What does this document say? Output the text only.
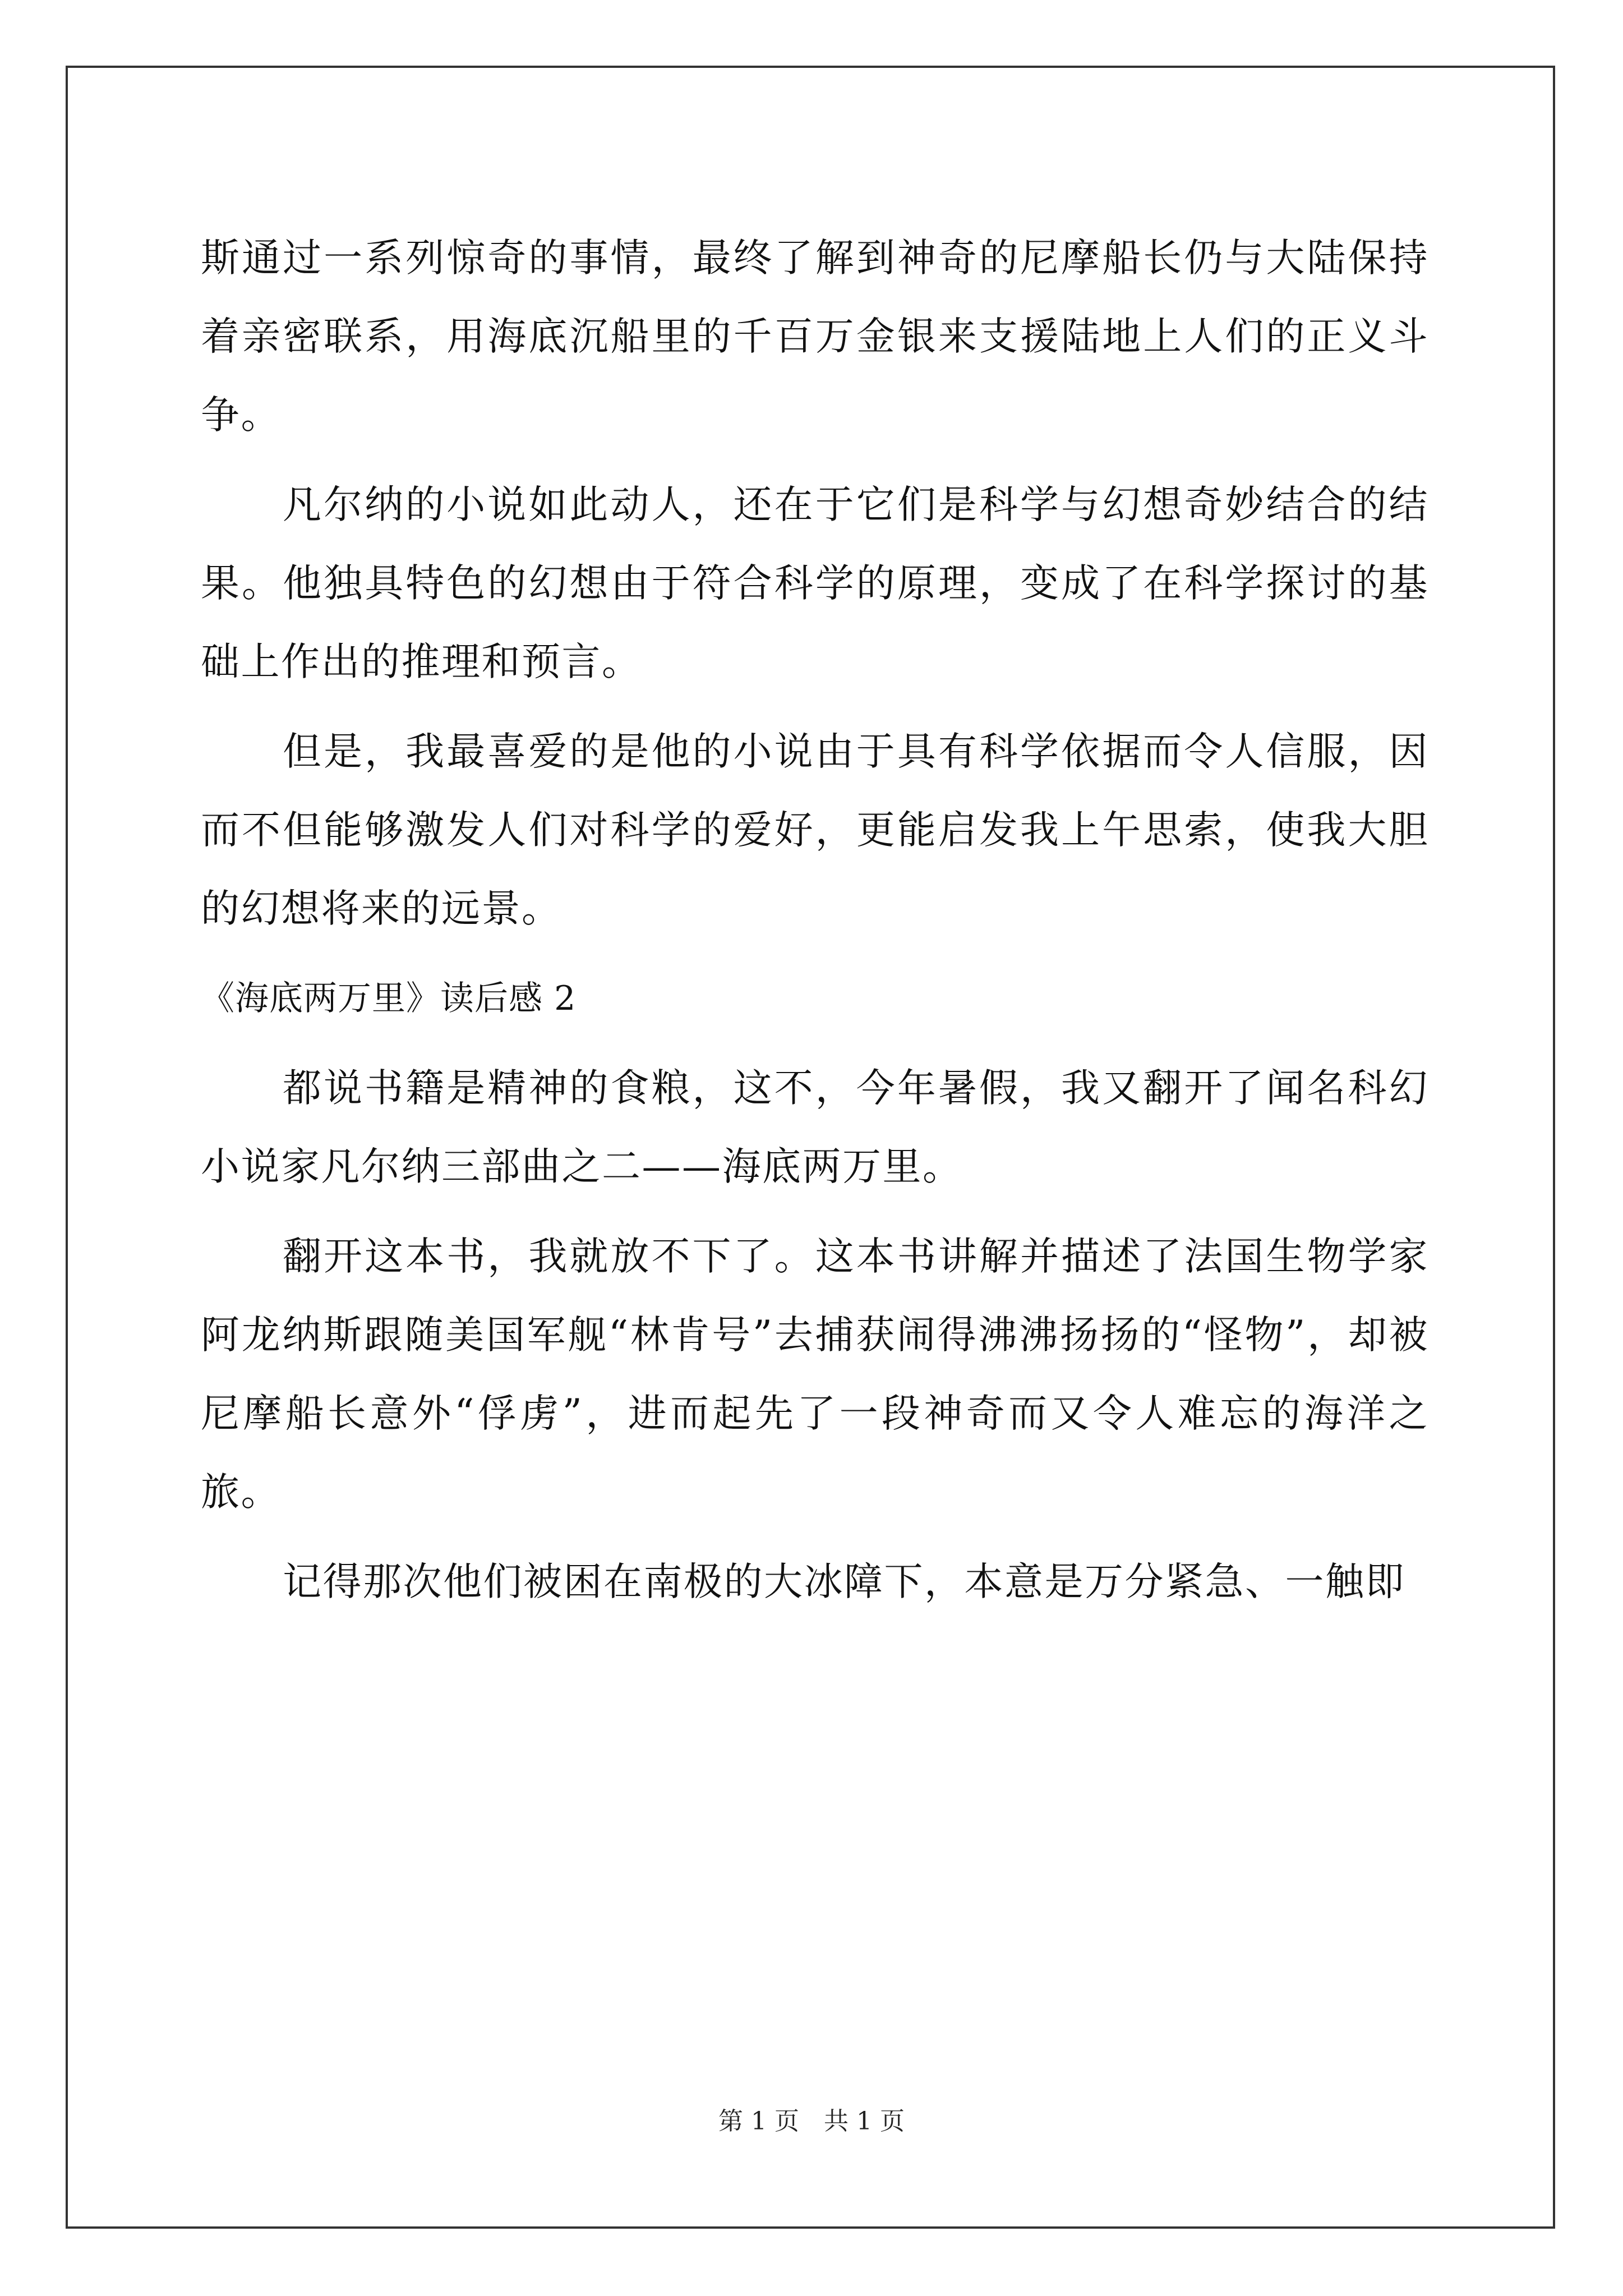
斯通过一系列惊奇的事情，最终了解到神奇的尼摩船长仍与大陆保持着亲密联系，用海底沉船里的千百万金银来支援陆地上人们的正义斗争。

凡尔纳的小说如此动人，还在于它们是科学与幻想奇妙结合的结果。他独具特色的幻想由于符合科学的原理，变成了在科学探讨的基础上作出的推理和预言。

但是，我最喜爱的是他的小说由于具有科学依据而令人信服，因而不但能够激发人们对科学的爱好，更能启发我上午思索，使我大胆的幻想将来的远景。

《海底两万里》读后感 2

都说书籍是精神的食粮，这不，今年暑假，我又翻开了闻名科幻小说家凡尔纳三部曲之二——海底两万里。

翻开这本书，我就放不下了。这本书讲解并描述了法国生物学家阿龙纳斯跟随美国军舰“林肯号”去捕获闹得沸沸扬扬的“怪物”，却被尼摩船长意外“俘虏”，进而起先了一段神奇而又令人难忘的海洋之旅。

记得那次他们被困在南极的大冰障下，本意是万分紧急、一触即

第 1 页　共 1 页
